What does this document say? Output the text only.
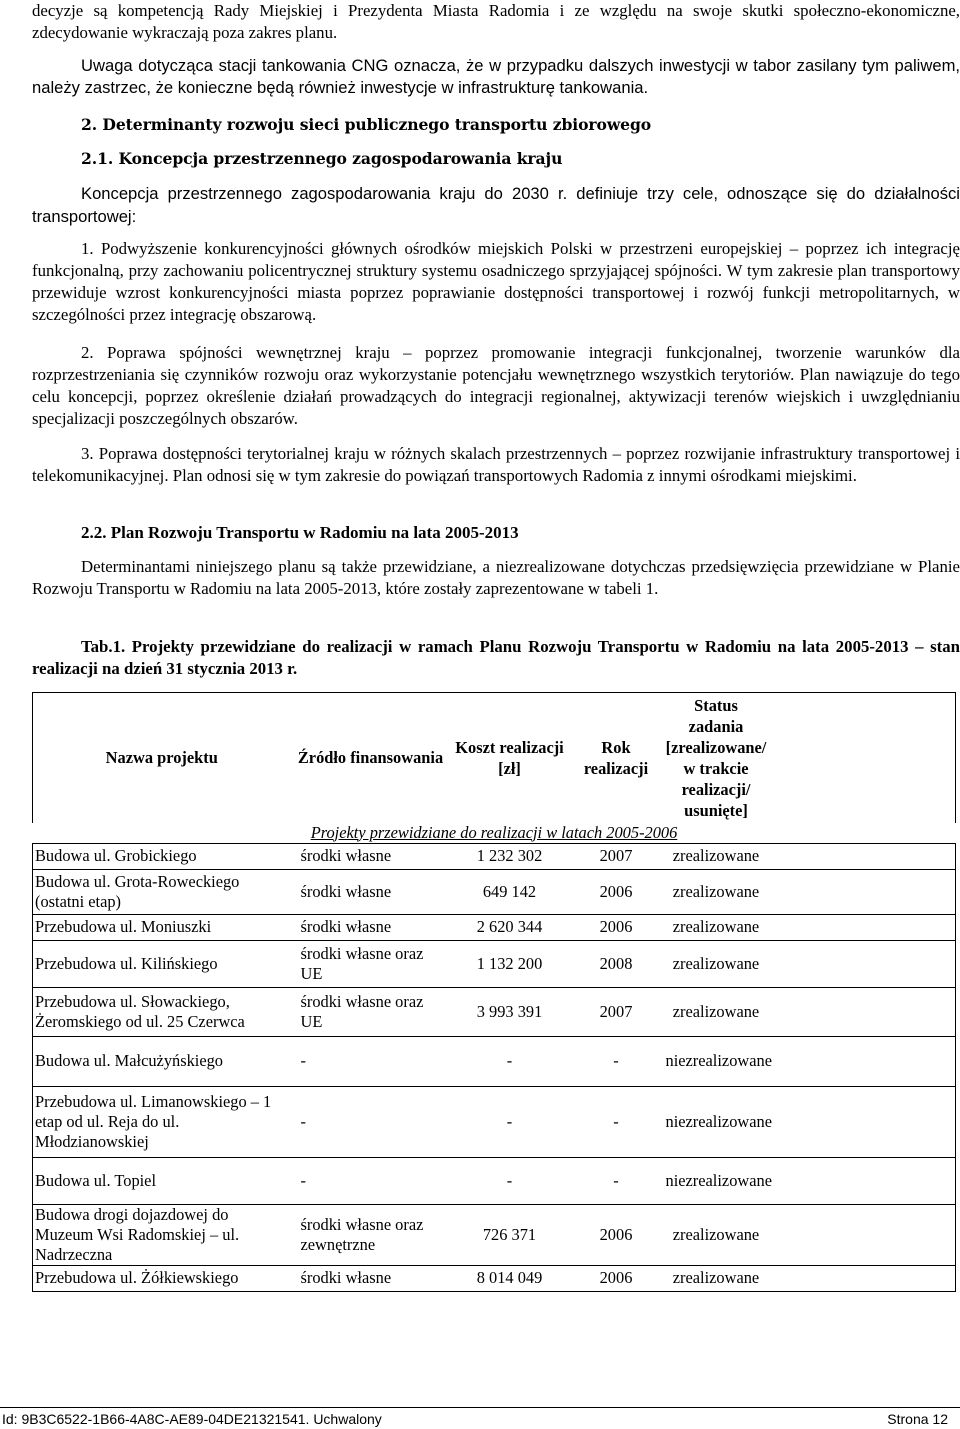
decyzje są kompetencją Rady Miejskiej i Prezydenta Miasta Radomia i ze względu na swoje skutki społeczno-ekonomiczne, zdecydowanie wykraczają poza zakres planu.

Uwaga dotycząca stacji tankowania CNG oznacza, że w przypadku dalszych inwestycji w tabor zasilany tym paliwem, należy zastrzec, że konieczne będą również inwestycje w infrastrukturę tankowania.

2. Determinanty rozwoju sieci publicznego transportu zbiorowego
2.1. Koncepcja przestrzennego zagospodarowania kraju

Koncepcja przestrzennego zagospodarowania kraju do 2030 r. definiuje trzy cele, odnoszące się do działalności transportowej:

1. Podwyższenie konkurencyjności głównych ośrodków miejskich Polski w przestrzeni europejskiej – poprzez ich integrację funkcjonalną, przy zachowaniu policentrycznej struktury systemu osadniczego sprzyjającej spójności. W tym zakresie plan transportowy przewiduje wzrost konkurencyjności miasta poprzez poprawianie dostępności transportowej i rozwój funkcji metropolitarnych, w szczególności przez integrację obszarową.

2. Poprawa spójności wewnętrznej kraju – poprzez promowanie integracji funkcjonalnej, tworzenie warunków dla rozprzestrzeniania się czynników rozwoju oraz wykorzystanie potencjału wewnętrznego wszystkich terytoriów. Plan nawiązuje do tego celu koncepcji, poprzez określenie działań prowadzących do integracji regionalnej, aktywizacji terenów wiejskich i uwzględnianiu specjalizacji poszczególnych obszarów.

3. Poprawa dostępności terytorialnej kraju w różnych skalach przestrzennych – poprzez rozwijanie infrastruktury transportowej i telekomunikacyjnej. Plan odnosi się w tym zakresie do powiązań transportowych Radomia z innymi ośrodkami miejskimi.

2.2. Plan Rozwoju Transportu w Radomiu na lata 2005-2013

Determinantami niniejszego planu są także przewidziane, a niezrealizowane dotychczas przedsięwzięcia przewidziane w Planie Rozwoju Transportu w Radomiu na lata 2005-2013, które zostały zaprezentowane w tabeli 1.

Tab.1. Projekty przewidziane do realizacji w ramach Planu Rozwoju Transportu w Radomiu na lata 2005-2013 – stan realizacji na dzień 31 stycznia 2013 r.

Nazwa projektu	Źródło finansowania	Koszt realizacji [zł]	Rok realizacji	Status zadania [zrealizowane/ w trakcie realizacji/ usunięte]	
Projekty przewidziane do realizacji w latach 2005-2006					
Budowa ul. Grobickiego	środki własne	1 232 302	2007	zrealizowane	
Budowa ul. Grota-Roweckiego (ostatni etap)	środki własne	649 142	2006	zrealizowane	
Przebudowa ul. Moniuszki	środki własne	2 620 344	2006	zrealizowane	
Przebudowa ul. Kilińskiego	środki własne oraz UE	1 132 200	2008	zrealizowane	
Przebudowa ul. Słowackiego, Żeromskiego od ul. 25 Czerwca	środki własne oraz UE	3 993 391	2007	zrealizowane	
Budowa ul. Małcużyńskiego	-	-	-	niezrealizowane	
Przebudowa ul. Limanowskiego – 1 etap od ul. Reja do ul. Młodzianowskiej	-	-	-	niezrealizowane	
Budowa ul. Topiel	-	-	-	niezrealizowane	
Budowa drogi dojazdowej do Muzeum Wsi Radomskiej – ul. Nadrzeczna	środki własne oraz zewnętrzne	726 371	2006	zrealizowane	
Przebudowa ul. Żółkiewskiego	środki własne	8 014 049	2006	zrealizowane	
Id: 9B3C6522-1B66-4A8C-AE89-04DE21321541. Uchwalony	Strona 12
